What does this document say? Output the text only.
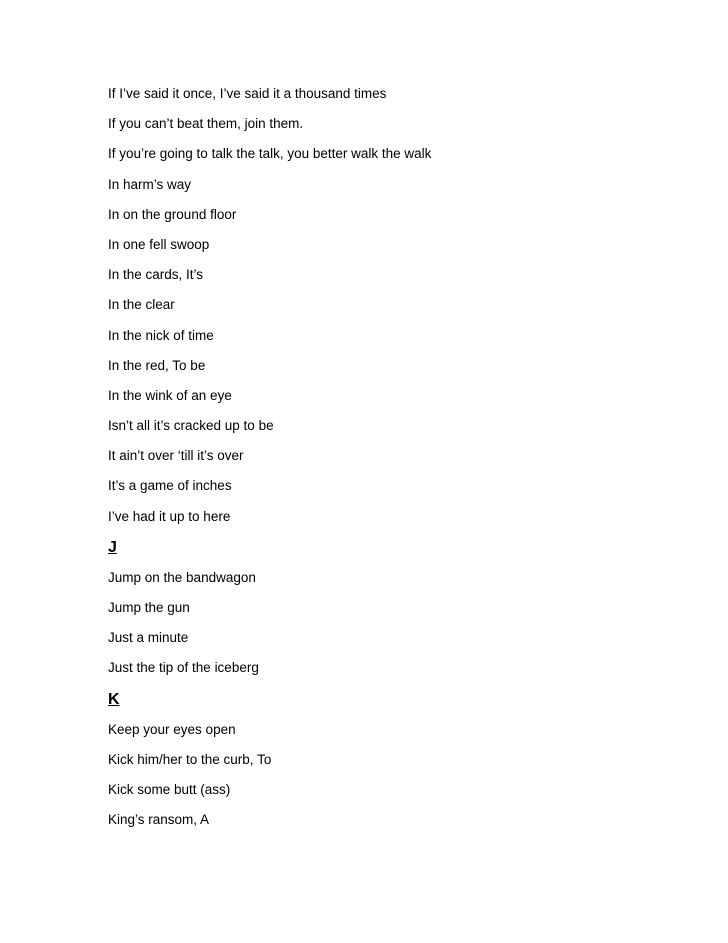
If I’ve said it once, I’ve said it a thousand times
If you can’t beat them, join them.
If you’re going to talk the talk, you better walk the walk
In harm’s way
In on the ground floor
In one fell swoop
In the cards, It’s
In the clear
In the nick of time
In the red, To be
In the wink of an eye
Isn’t all it’s cracked up to be
It ain’t over ‘till it’s over
It’s a game of inches
I’ve had it up to here
J
Jump on the bandwagon
Jump the gun
Just a minute
Just the tip of the iceberg
K
Keep your eyes open
Kick him/her to the curb, To
Kick some butt (ass)
King’s ransom, A
